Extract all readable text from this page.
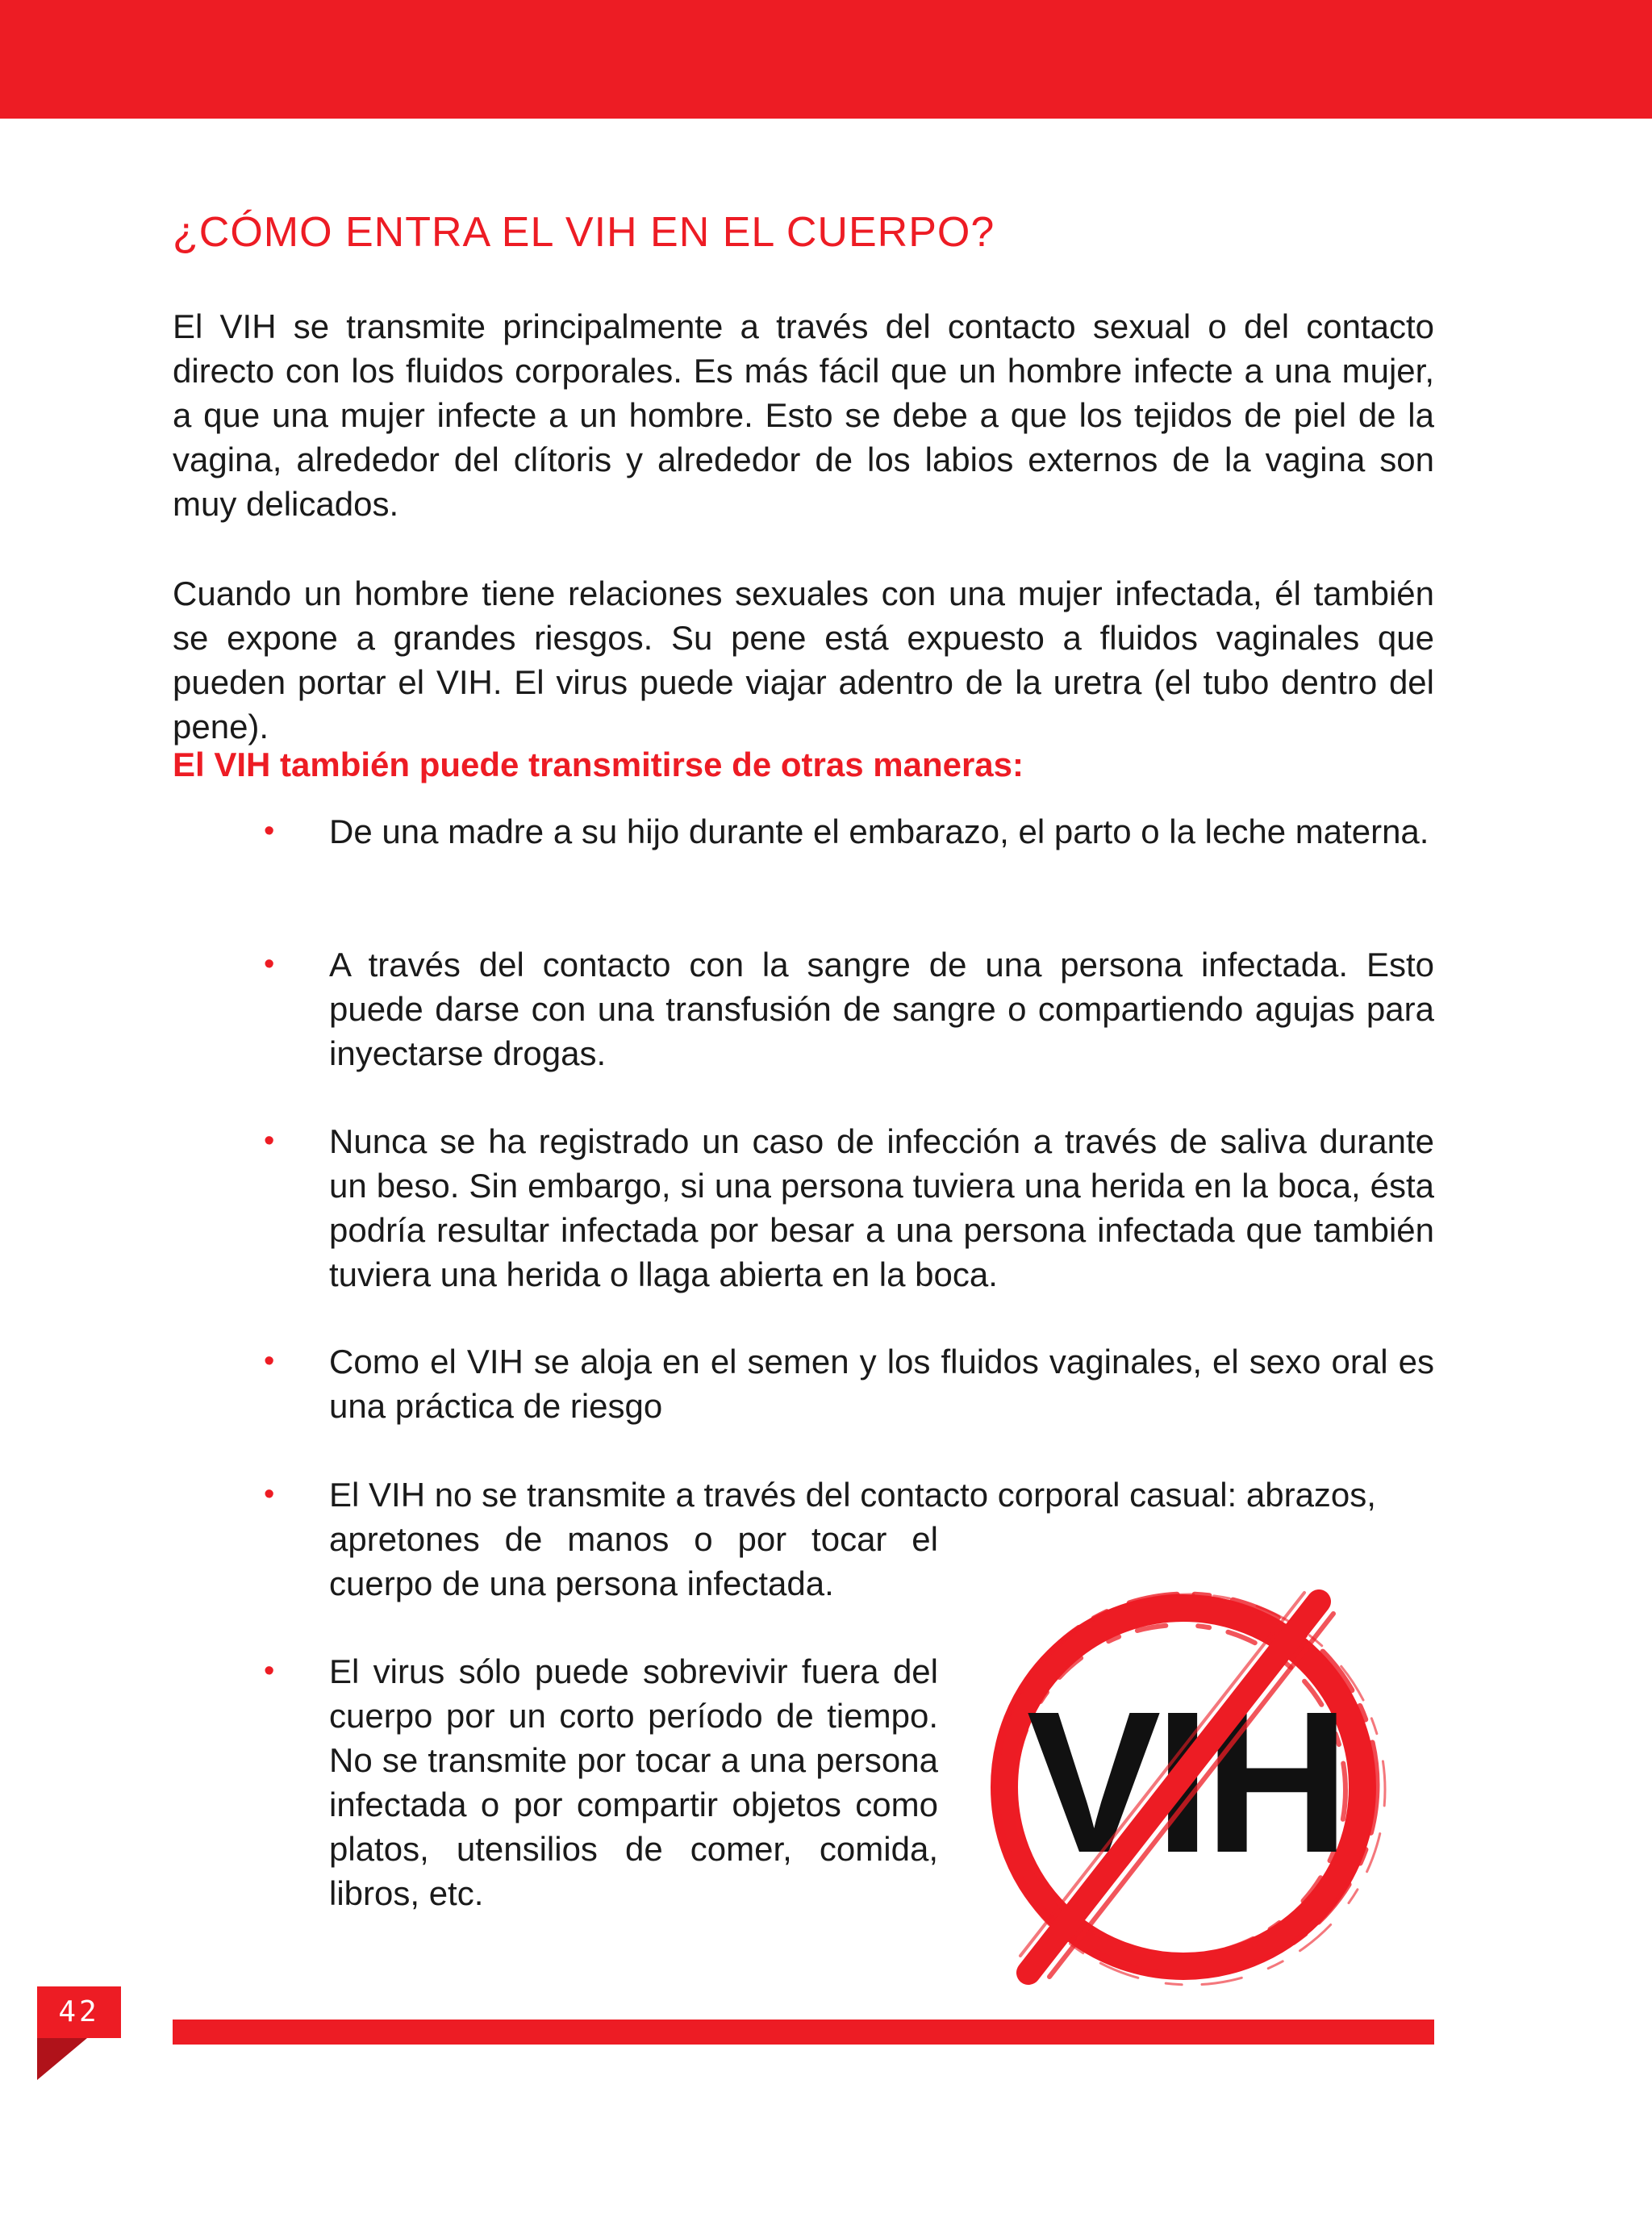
¿CÓMO ENTRA EL VIH EN EL CUERPO?

El VIH se transmite principalmente a través del contacto sexual o del contacto directo con los fluidos corporales. Es más fácil que un hombre infecte a una mujer, a que una mujer infecte a un hombre. Esto se debe a que los tejidos de piel de la vagina, alrededor del clítoris y alrededor de los labios externos de la vagina son muy delicados.

Cuando un hombre tiene relaciones sexuales con una mujer infectada, él también se expone a grandes riesgos. Su pene está expuesto a fluidos vaginales que pueden portar el VIH. El virus puede viajar adentro de la uretra (el tubo dentro del pene).

El VIH también puede transmitirse de otras maneras:
• De una madre a su hijo durante el embarazo, el parto o la leche materna.
• A través del contacto con la sangre de una persona infectada. Esto puede darse con una transfusión de sangre o compartiendo agujas para inyectarse drogas.
• Nunca se ha registrado un caso de infección a través de saliva durante un beso. Sin embargo, si una persona tuviera una herida en la boca, ésta podría resultar infectada por besar a una persona infectada que también tuviera una herida o llaga abierta en la boca.
• Como el VIH se aloja en el semen y los fluidos vaginales, el sexo oral es una práctica de riesgo
• El VIH no se transmite a través del contacto corporal casual: abrazos,
apretones de manos o por tocar el cuerpo de una persona infectada.
• El virus sólo puede sobrevivir fuera del cuerpo por un corto período de tiempo. No se transmite por tocar a una persona infectada o por compartir objetos como platos, utensilios de comer, comida, libros, etc.	VIH
42
